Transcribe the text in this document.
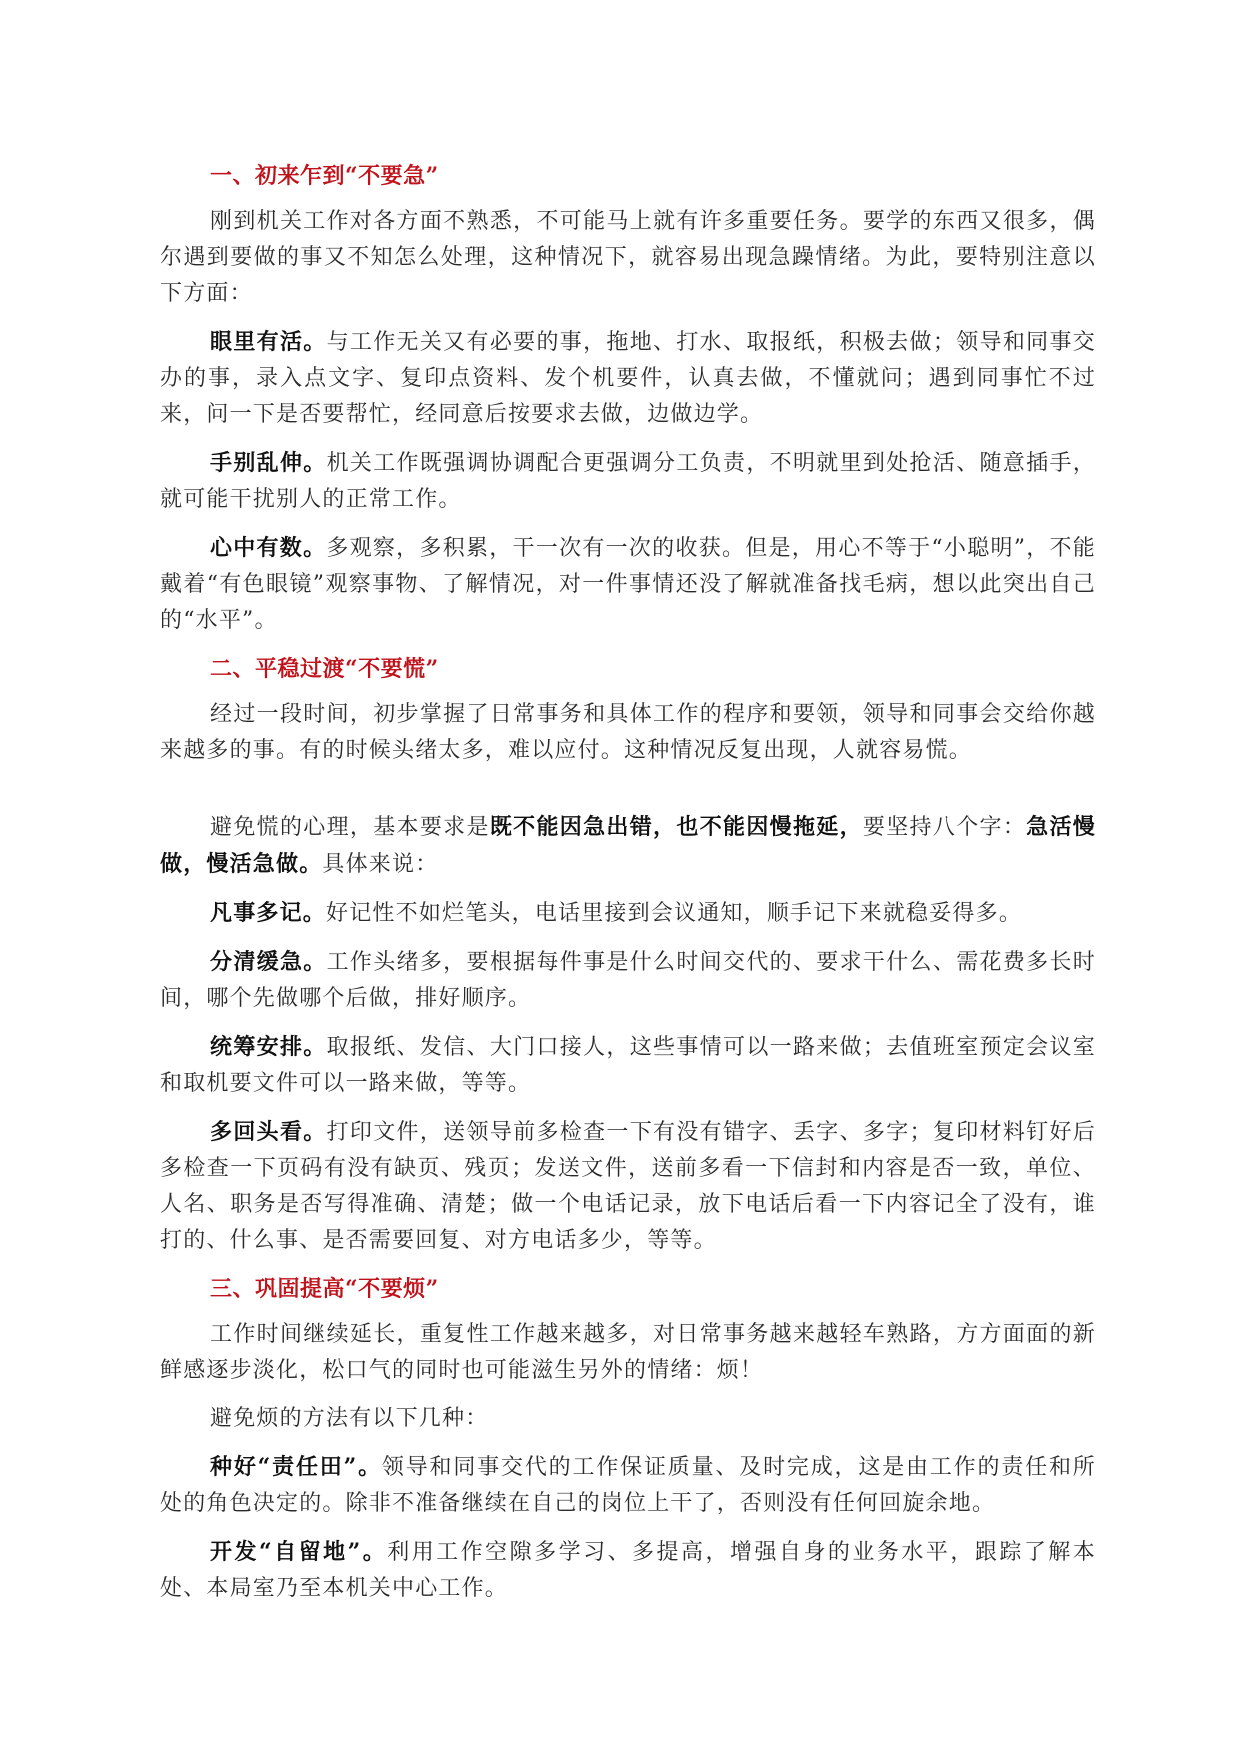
一、初来乍到“不要急”

刚到机关工作对各方面不熟悉，不可能马上就有许多重要任务。要学的东西又很多，偶尔遇到要做的事又不知怎么处理，这种情况下，就容易出现急躁情绪。为此，要特别注意以下方面：

眼里有活。与工作无关又有必要的事，拖地、打水、取报纸，积极去做；领导和同事交办的事，录入点文字、复印点资料、发个机要件，认真去做，不懂就问；遇到同事忙不过来，问一下是否要帮忙，经同意后按要求去做，边做边学。

手别乱伸。机关工作既强调协调配合更强调分工负责，不明就里到处抢活、随意插手，就可能干扰别人的正常工作。

心中有数。多观察，多积累，干一次有一次的收获。但是，用心不等于“小聪明”，不能戴着“有色眼镜”观察事物、了解情况，对一件事情还没了解就准备找毛病，想以此突出自己的“水平”。

二、平稳过渡“不要慌”

经过一段时间，初步掌握了日常事务和具体工作的程序和要领，领导和同事会交给你越来越多的事。有的时候头绪太多，难以应付。这种情况反复出现，人就容易慌。

避免慌的心理，基本要求是既不能因急出错，也不能因慢拖延，要坚持八个字：急活慢做，慢活急做。具体来说：

凡事多记。好记性不如烂笔头，电话里接到会议通知，顺手记下来就稳妥得多。

分清缓急。工作头绪多，要根据每件事是什么时间交代的、要求干什么、需花费多长时间，哪个先做哪个后做，排好顺序。

统筹安排。取报纸、发信、大门口接人，这些事情可以一路来做；去值班室预定会议室和取机要文件可以一路来做，等等。

多回头看。打印文件，送领导前多检查一下有没有错字、丢字、多字；复印材料钉好后多检查一下页码有没有缺页、残页；发送文件，送前多看一下信封和内容是否一致，单位、人名、职务是否写得准确、清楚；做一个电话记录，放下电话后看一下内容记全了没有，谁打的、什么事、是否需要回复、对方电话多少，等等。

三、巩固提高“不要烦”

工作时间继续延长，重复性工作越来越多，对日常事务越来越轻车熟路，方方面面的新鲜感逐步淡化，松口气的同时也可能滋生另外的情绪：烦！

避免烦的方法有以下几种：

种好“责任田”。领导和同事交代的工作保证质量、及时完成，这是由工作的责任和所处的角色决定的。除非不准备继续在自己的岗位上干了，否则没有任何回旋余地。

开发“自留地”。利用工作空隙多学习、多提高，增强自身的业务水平，跟踪了解本处、本局室乃至本机关中心工作。
